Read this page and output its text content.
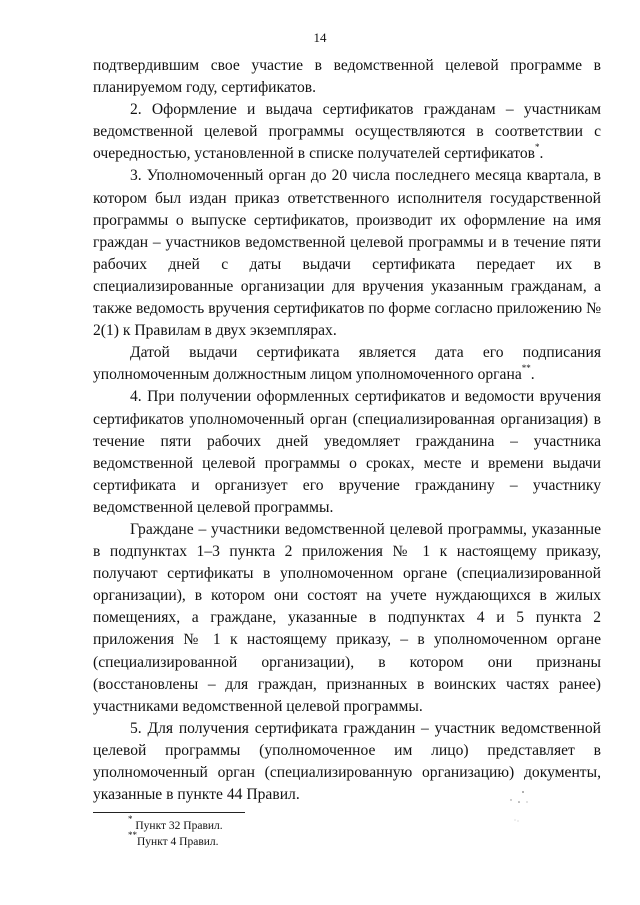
14

подтвердившим свое участие в ведомственной целевой программе в планируемом году, сертификатов.

2. Оформление и выдача сертификатов гражданам – участникам ведомственной целевой программы осуществляются в соответствии с очередностью, установленной в списке получателей сертификатов*.

3. Уполномоченный орган до 20 числа последнего месяца квартала, в котором был издан приказ ответственного исполнителя государственной программы о выпуске сертификатов, производит их оформление на имя граждан – участников ведомственной целевой программы и в течение пяти рабочих дней с даты выдачи сертификата передает их в специализированные организации для вручения указанным гражданам, а также ведомость вручения сертификатов по форме согласно приложению № 2(1) к Правилам в двух экземплярах.

Датой выдачи сертификата является дата его подписания уполномоченным должностным лицом уполномоченного органа**.

4. При получении оформленных сертификатов и ведомости вручения сертификатов уполномоченный орган (специализированная организация) в течение пяти рабочих дней уведомляет гражданина – участника ведомственной целевой программы о сроках, месте и времени выдачи сертификата и организует его вручение гражданину – участнику ведомственной целевой программы.

Граждане – участники ведомственной целевой программы, указанные в подпунктах 1–3 пункта 2 приложения № 1 к настоящему приказу, получают сертификаты в уполномоченном органе (специализированной организации), в котором они состоят на учете нуждающихся в жилых помещениях, а граждане, указанные в подпунктах 4 и 5 пункта 2 приложения № 1 к настоящему приказу, – в уполномоченном органе (специализированной организации), в котором они признаны (восстановлены – для граждан, признанных в воинских частях ранее) участниками ведомственной целевой программы.

5. Для получения сертификата гражданин – участник ведомственной целевой программы (уполномоченное им лицо) представляет в уполномоченный орган (специализированную организацию) документы, указанные в пункте 44 Правил.

* Пункт 32 Правил.
**Пункт 4 Правил.
